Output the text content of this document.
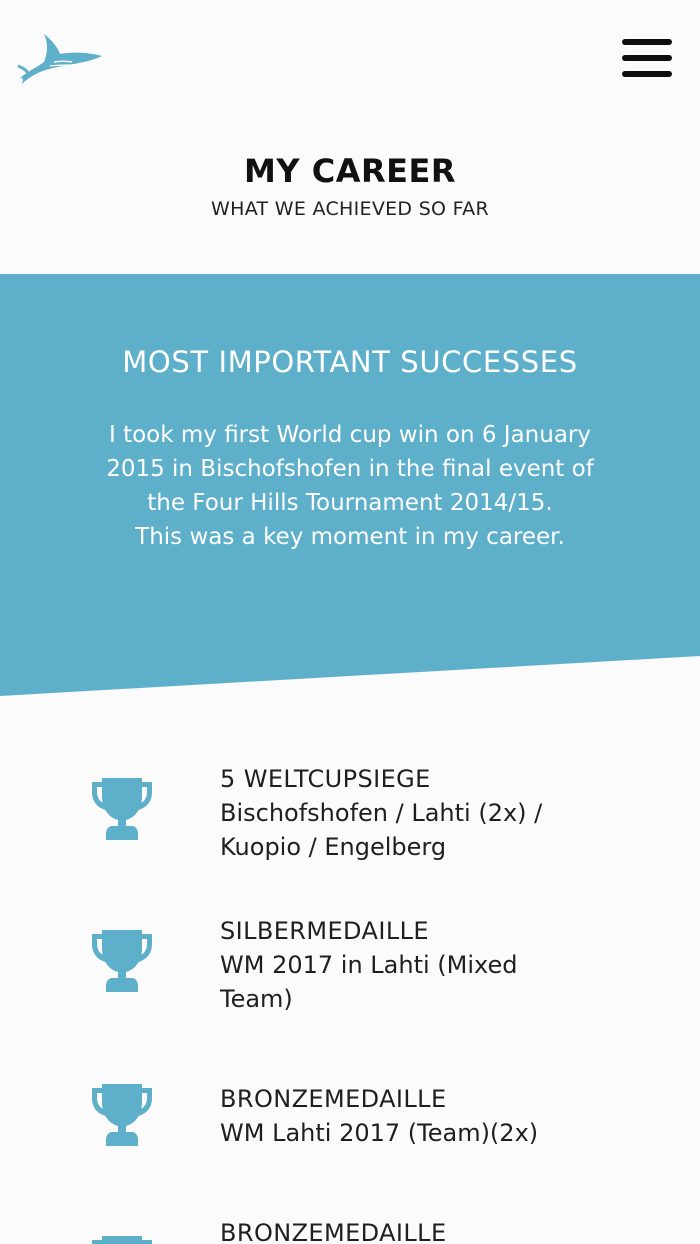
MY CAREER
WHAT WE ACHIEVED SO FAR
MOST IMPORTANT SUCCESSES
I took my first World cup win on 6 January
2015 in Bischofshofen in the final event of
the Four Hills Tournament 2014/15.
This was a key moment in my career.
5 WELTCUPSIEGE
Bischofshofen / Lahti (2x) /
Kuopio / Engelberg
SILBERMEDAILLE
WM 2017 in Lahti (Mixed
Team)
BRONZEMEDAILLE
WM Lahti 2017 (Team)(2x)
BRONZEMEDAILLE
